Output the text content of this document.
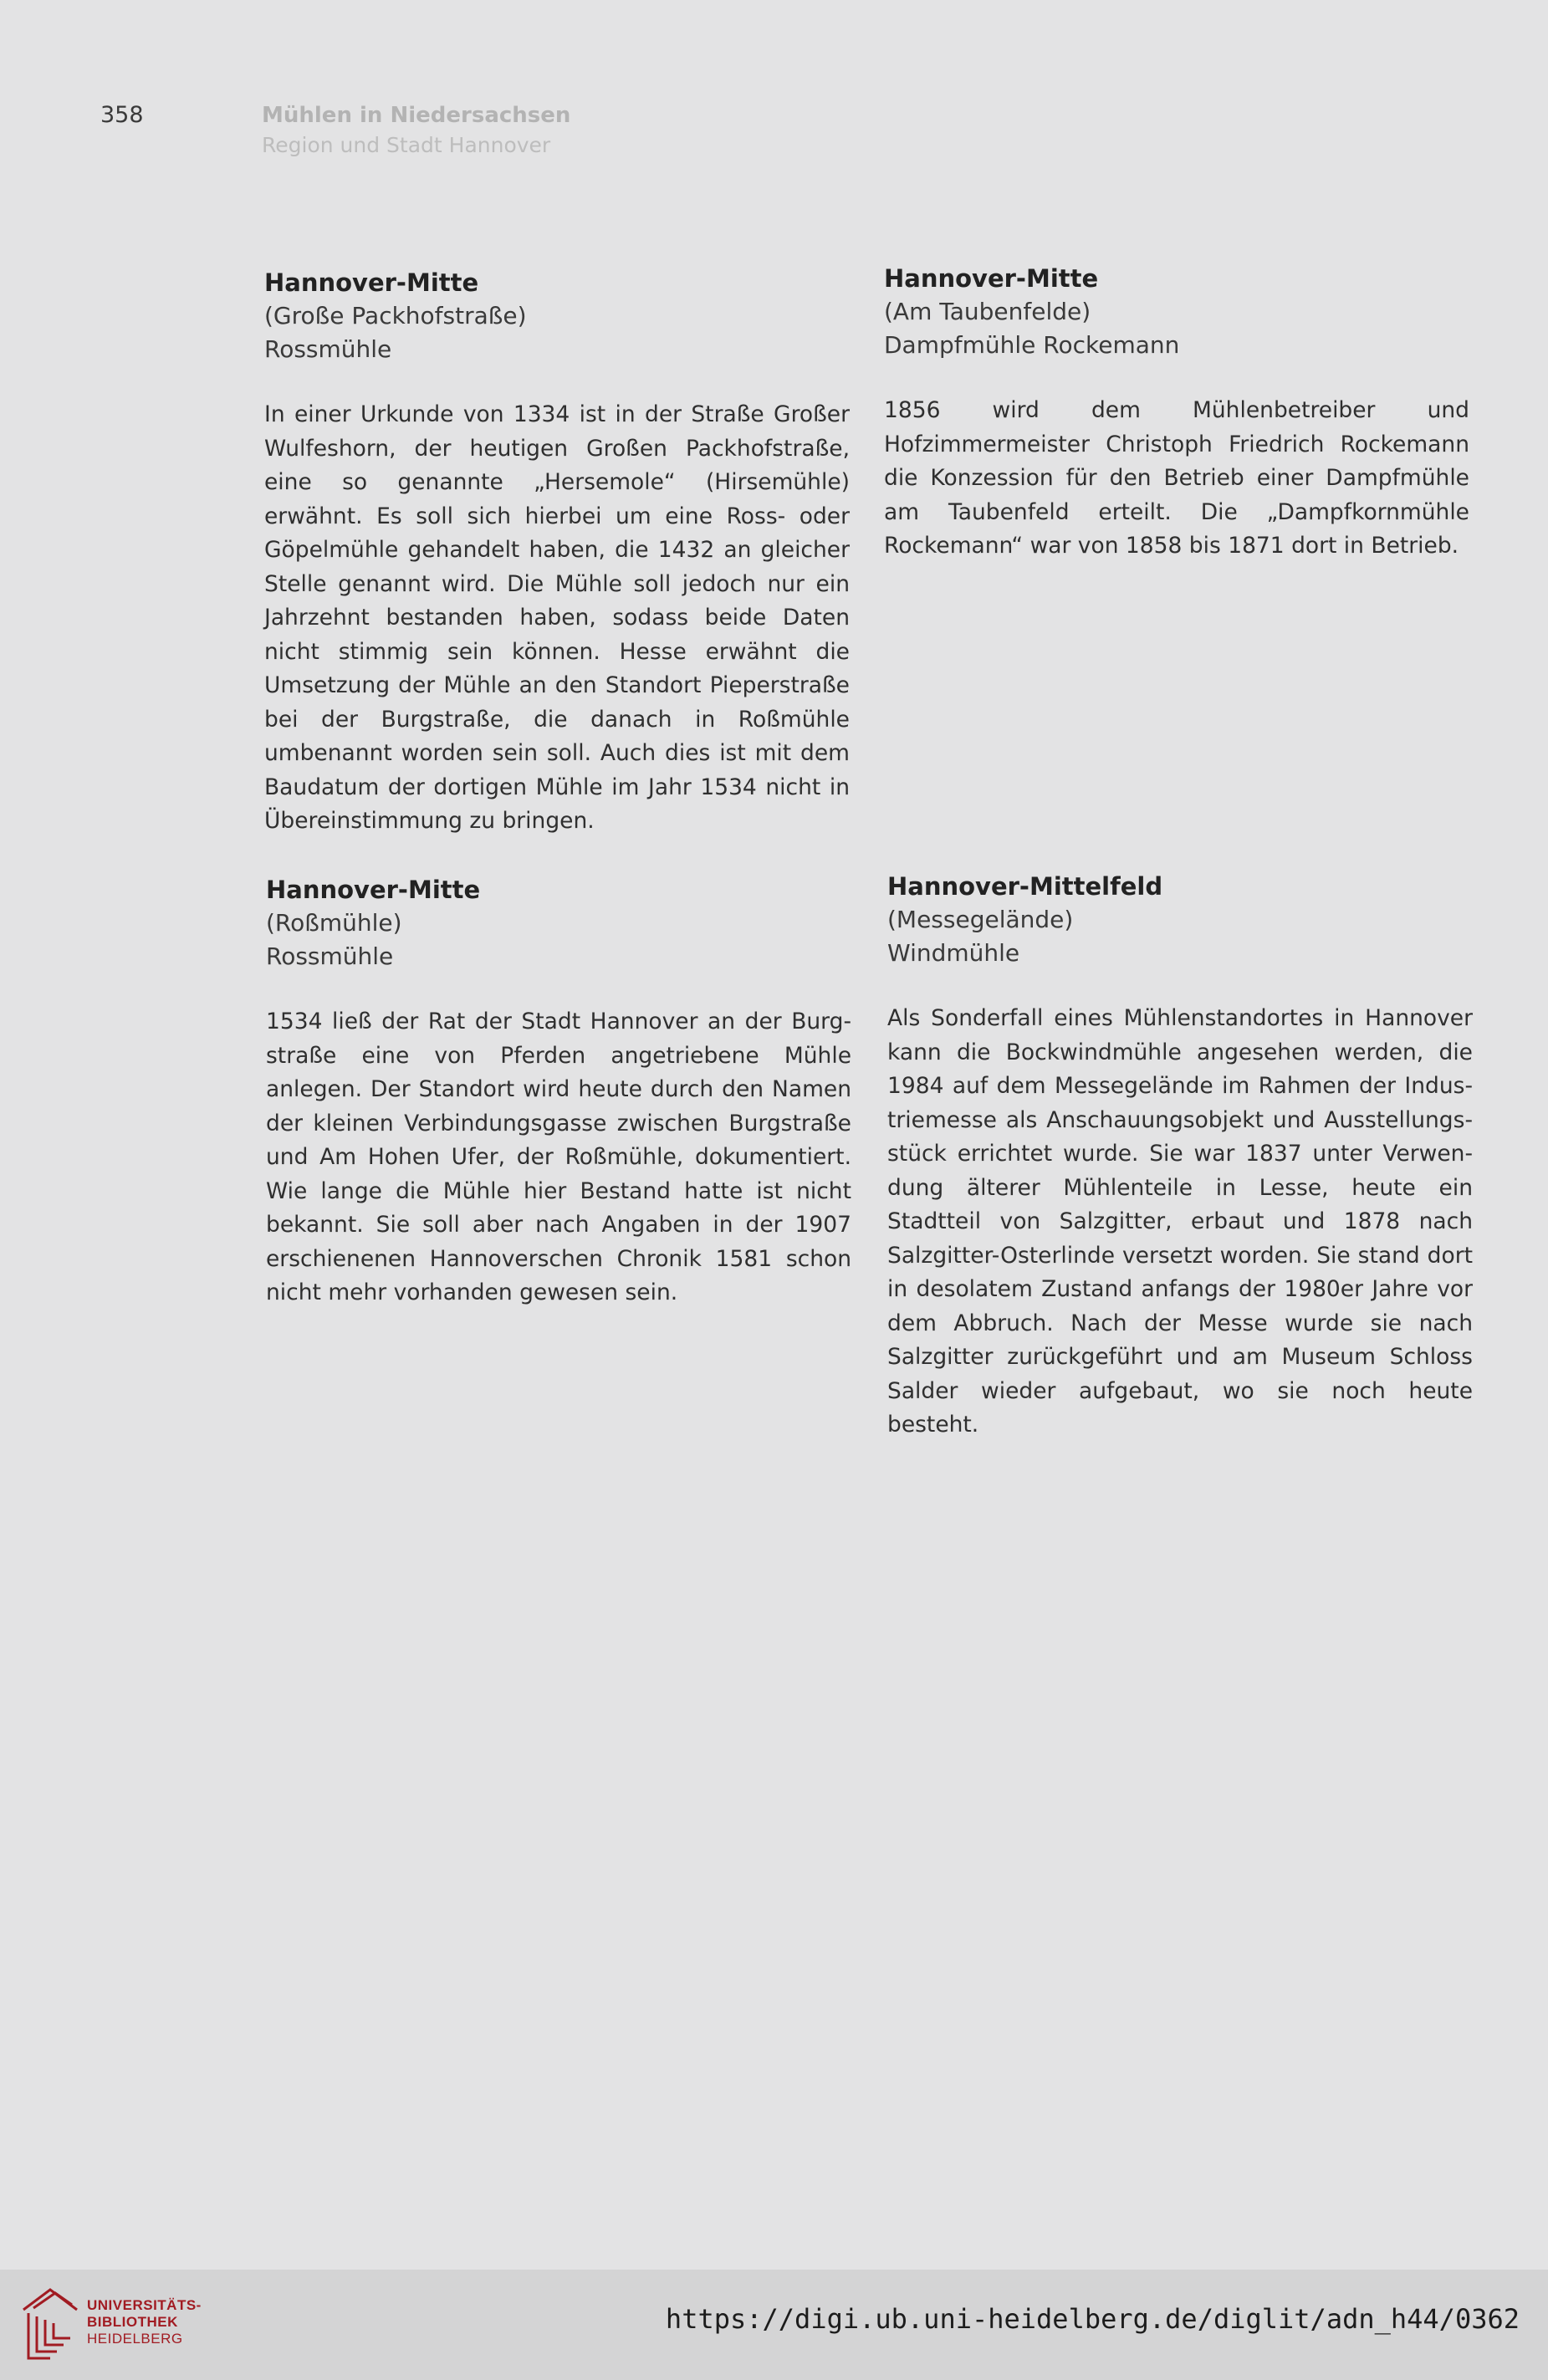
358	Mühlen in Niedersachsen
Region und Stadt Hannover
Hannover-Mitte
(Große Packhofstraße)
Rossmühle
In einer Urkunde von 1334 ist in der Straße Großer Wulfeshorn, der heutigen Großen Packhofstraße, eine so genannte „Hersemole“ (Hirsemühle) erwähnt. Es soll sich hierbei um eine Ross- oder Göpelmühle gehandelt haben, die 1432 an gleicher Stelle genannt wird. Die Mühle soll jedoch nur ein Jahrzehnt bestanden haben, sodass beide Daten nicht stimmig sein können. Hesse erwähnt die Umsetzung der Mühle an den Standort Pieperstraße bei der Burgstraße, die danach in Roßmühle umbenannt worden sein soll. Auch dies ist mit dem Baudatum der dortigen Mühle im Jahr 1534 nicht in Übereinstimmung zu bringen.
Hannover-Mitte
(Am Taubenfelde)
Dampfmühle Rockemann
1856 wird dem Mühlenbetreiber und Hofzimmermeister Christoph Friedrich Rockemann die Konzession für den Betrieb einer Dampfmühle am Taubenfeld erteilt. Die „Dampfkornmühle Rockemann“ war von 1858 bis 1871 dort in Betrieb.
Hannover-Mitte
(Roßmühle)
Rossmühle
1534 ließ der Rat der Stadt Hannover an der Burgstraße eine von Pferden angetriebene Mühle anlegen. Der Standort wird heute durch den Namen der kleinen Verbindungsgasse zwischen Burgstraße und Am Hohen Ufer, der Roßmühle, dokumentiert. Wie lange die Mühle hier Bestand hatte ist nicht bekannt. Sie soll aber nach Angaben in der 1907 erschienenen Hannoverschen Chronik 1581 schon nicht mehr vorhanden gewesen sein.
Hannover-Mittelfeld
(Messegelände)
Windmühle
Als Sonderfall eines Mühlenstandortes in Hannover kann die Bockwindmühle angesehen werden, die 1984 auf dem Messegelände im Rahmen der Industriemesse als Anschauungsobjekt und Ausstellungsstück errichtet wurde. Sie war 1837 unter Verwendung älterer Mühlenteile in Lesse, heute ein Stadtteil von Salzgitter, erbaut und 1878 nach Salzgitter-Osterlinde versetzt worden. Sie stand dort in desolatem Zustand anfangs der 1980er Jahre vor dem Abbruch. Nach der Messe wurde sie nach Salzgitter zurückgeführt und am Museum Schloss Salder wieder aufgebaut, wo sie noch heute besteht.
UNIVERSITÄTS-
BIBLIOTHEK
HEIDELBERG
https://digi.ub.uni-heidelberg.de/diglit/adn_h44/0362
